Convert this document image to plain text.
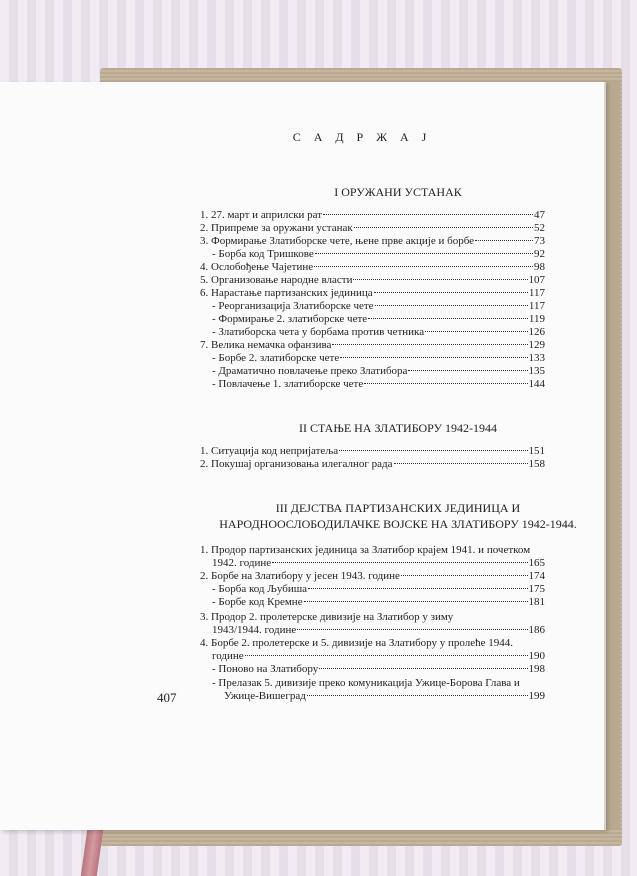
С А Д Р Ж А Ј
I ОРУЖАНИ УСТАНАК
1. 27. март и априлски рат	47
2. Припреме за оружани устанак	52
3. Формирање Златиборске чете, њене прве акције и борбе	73
- Борба код Тришкове	92
4. Ослобођење Чајетине	98
5. Организовање народне власти	107
6. Нарастање партизанских јединица	117
- Реорганизација Златиборске чете	117
- Формирање 2. златиборске чете	119
- Златиборска чета у борбама против четника	126
7. Велика немачка офанзива	129
- Борбе 2. златиборске чете	133
- Драматично повлачење преко Златибора	135
- Повлачење 1. златиборске чете	144
II СТАЊЕ НА ЗЛАТИБОРУ 1942-1944
1. Ситуација код непријатеља	151
2. Покушај организовања илегалног рада	158
III ДЕЈСТВА ПАРТИЗАНСКИХ ЈЕДИНИЦА И
НАРОДНООСЛОБОДИЛАЧКЕ ВОЈСКЕ НА ЗЛАТИБОРУ 1942-1944.
1. Продор партизанских јединица за Златибор крајем 1941. и почетком
1942. године	165
2. Борбе на Златибору у јесен 1943. године	174
- Борба код Љубиша	175
- Борбе код Кремне	181
3. Продор 2. пролетерске дивизије на Златибор у зиму
1943/1944. године	186
4. Борбе 2. пролетерске и 5. дивизије на Златибору у пролеће 1944.
године	190
- Поново на Златибору	198
- Прелазак 5. дивизије преко комуникација Ужице-Борова Глава и
Ужице-Вишеград	199
407
